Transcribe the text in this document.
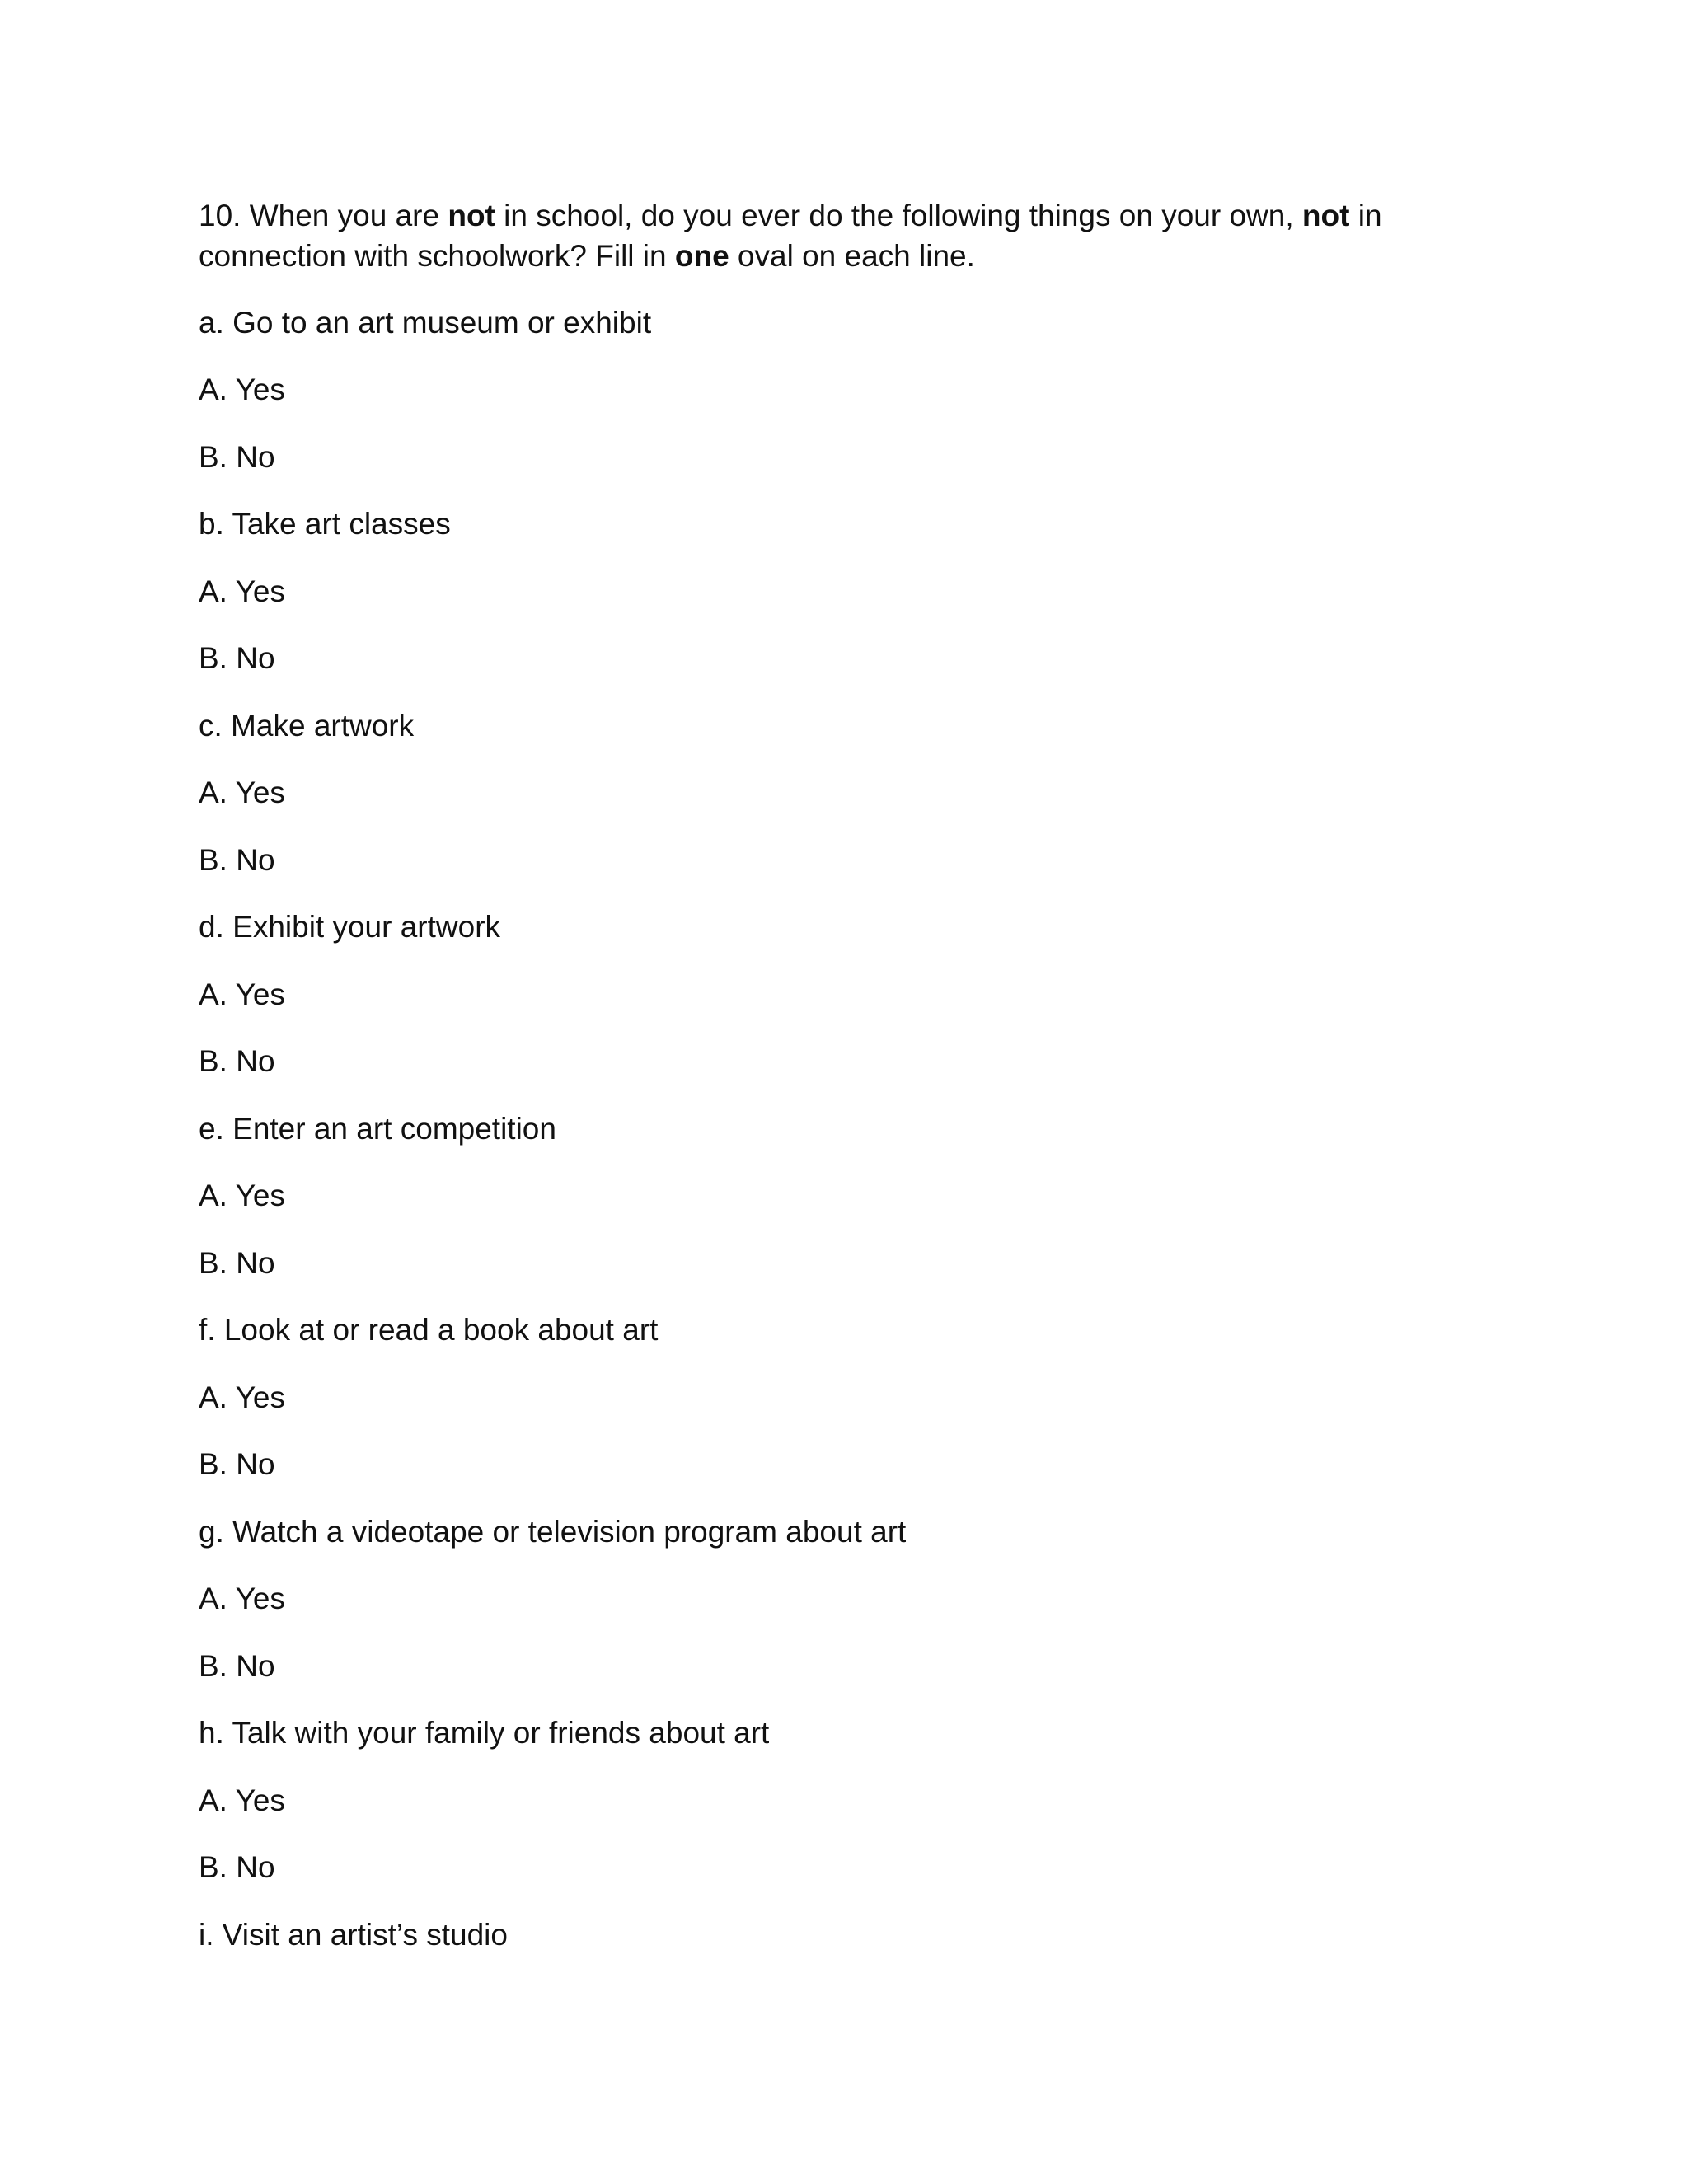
10. When you are not in school, do you ever do the following things on your own, not in connection with schoolwork? Fill in one oval on each line.

a. Go to an art museum or exhibit

A. Yes

B. No

b. Take art classes

A. Yes

B. No

c. Make artwork

A. Yes

B. No

d. Exhibit your artwork

A. Yes

B. No

e. Enter an art competition

A. Yes

B. No

f. Look at or read a book about art

A. Yes

B. No

g. Watch a videotape or television program about art

A. Yes

B. No

h. Talk with your family or friends about art

A. Yes

B. No

i. Visit an artist’s studio
